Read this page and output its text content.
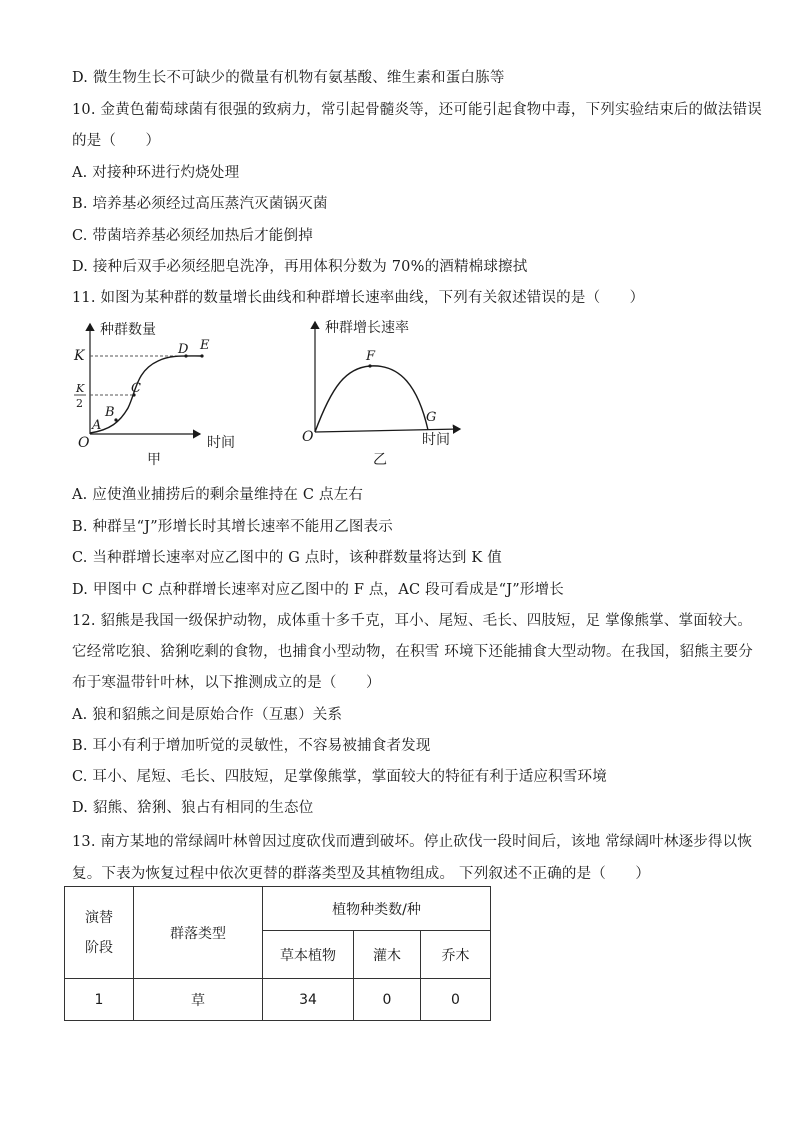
D. 微生物生长不可缺少的微量有机物有氨基酸、维生素和蛋白胨等
10. 金黄色葡萄球菌有很强的致病力，常引起骨髓炎等，还可能引起食物中毒，下列实验结束后的做法错误
的是（　　）
A. 对接种环进行灼烧处理
B. 培养基必须经过高压蒸汽灭菌锅灭菌
C. 带菌培养基必须经加热后才能倒掉
D. 接种后双手必须经肥皂洗净，再用体积分数为 70%的酒精棉球擦拭
11. 如图为某种群的数量增长曲线和种群增长速率曲线，下列有关叙述错误的是（　　）
种群数量
时间
O
K
K
2
A
B
C
D E
甲
种群增长速率
时间
O
F
G
乙
A. 应使渔业捕捞后的剩余量维持在 C 点左右
B. 种群呈“J”形增长时其增长速率不能用乙图表示
C. 当种群增长速率对应乙图中的 G 点时，该种群数量将达到 K 值
D. 甲图中 C 点种群增长速率对应乙图中的 F 点，AC 段可看成是“J”形增长
12. 貂熊是我国一级保护动物，成体重十多千克，耳小、尾短、毛长、四肢短，足 掌像熊掌、掌面较大。
它经常吃狼、猞猁吃剩的食物，也捕食小型动物，在积雪 环境下还能捕食大型动物。在我国，貂熊主要分
布于寒温带针叶林，以下推测成立的是（　　）
A. 狼和貂熊之间是原始合作（互惠）关系
B. 耳小有利于增加听觉的灵敏性，不容易被捕食者发现
C. 耳小、尾短、毛长、四肢短，足掌像熊掌，掌面较大的特征有利于适应积雪环境
D. 貂熊、猞猁、狼占有相同的生态位
13. 南方某地的常绿阔叶林曾因过度砍伐而遭到破坏。停止砍伐一段时间后，该地 常绿阔叶林逐步得以恢
复。下表为恢复过程中依次更替的群落类型及其植物组成。 下列叙述不正确的是（　　）
演替
阶段	群落类型	植物种类数/种		
		草本植物	灌木	乔木
1	草	34	0	0
